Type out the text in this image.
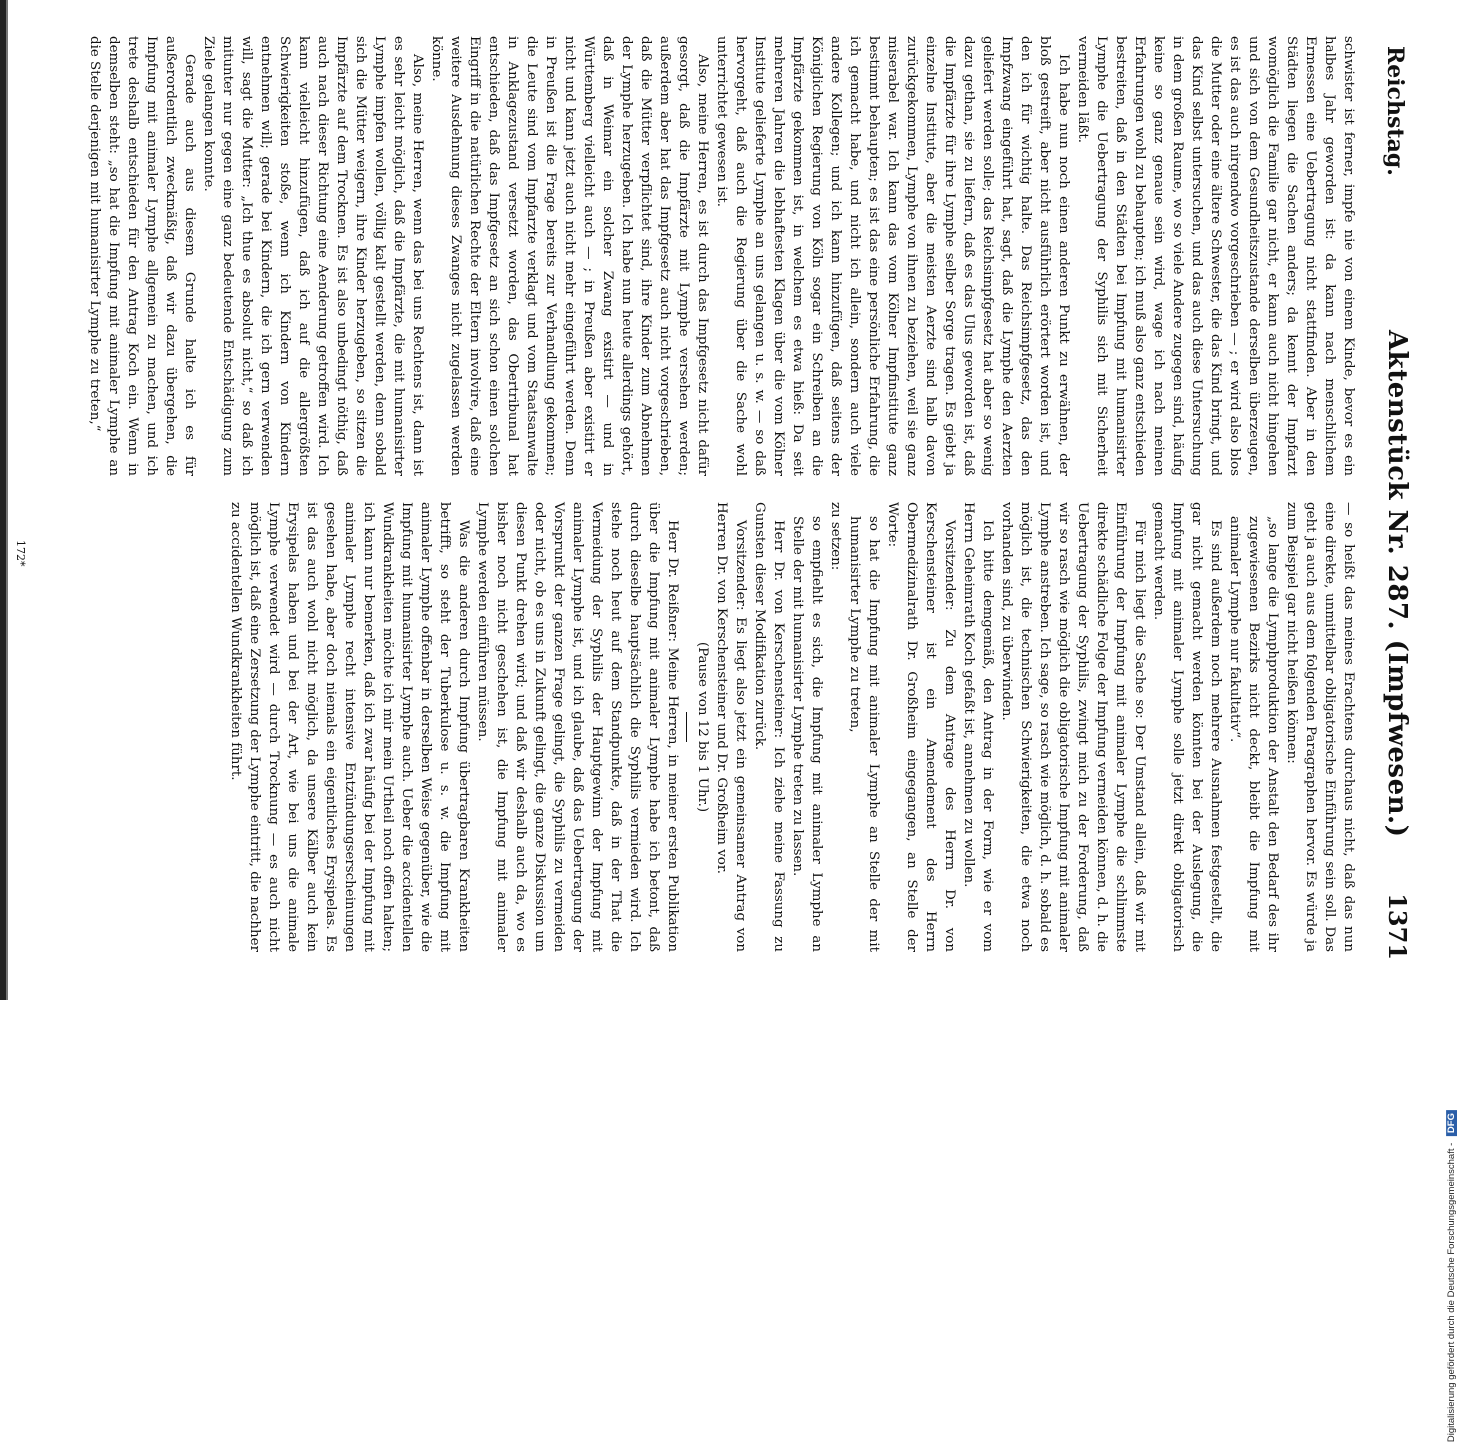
Reichstag.
Aktenstück Nr. 287. (Impfwesen.)
1371

schwister ist ferner, impfe nie von einem Kinde, bevor es ein halbes Jahr geworden ist: da kann nach menschlichem Ermessen eine Uebertragung nicht stattfinden. Aber in den Städten liegen die Sachen anders; da kennt der Impfarzt womöglich die Familie gar nicht, er kann auch nicht hingehen und sich von dem Gesundheitszustande derselben überzeugen, es ist das auch nirgendwo vorgeschrieben — ; er wird also blos die Mutter oder eine ältere Schwester, die das Kind bringt, und das Kind selbst untersuchen, und das auch diese Untersuchung in dem großen Raume, wo so viele Andere zugegen sind, häufig keine so ganz genaue sein wird, wage ich nach meinen Erfahrungen wohl zu behaupten; ich muß also ganz entschieden bestreiten, daß in den Städten bei Impfung mit humanisirter Lymphe die Uebertragung der Syphilis sich mit Sicherheit vermeiden läßt.

Ich habe nun noch einen anderen Punkt zu erwähnen, der bloß gestreift, aber nicht ausführlich erörtert worden ist, und den ich für wichtig halte. Das Reichsimpfgesetz, das den Impfzwang eingeführt hat, sagt, daß die Lymphe den Aerzten geliefert werden solle; das Reichsimpfgesetz hat aber so wenig dazu gethan, sie zu liefern, daß es das Ulus geworden ist, daß die Impfärzte für ihre Lymphe selber Sorge tragen. Es giebt ja einzelne Institute, aber die meisten Aerzte sind halb davon zurückgekommen, Lymphe von ihnen zu beziehen, weil sie ganz miserabel war. Ich kann das vom Kölner Impfinstitute ganz bestimmt behaupten; es ist das eine persönliche Erfahrung, die ich gemacht habe, und nicht ich allein, sondern auch viele andere Kollegen; und ich kann hinzufügen, daß seitens der Königlichen Regierung von Köln sogar ein Schreiben an die Impfärzte gekommen ist, in welchem es etwa hieß: Da seit mehreren Jahren die lebhaftesten Klagen über die vom Kölner Institute gelieferte Lymphe an uns gelangen u. s. w. — so daß hervorgeht, daß auch die Regierung über die Sache wohl unterrichtet gewesen ist.

Also, meine Herren, es ist durch das Impfgesetz nicht dafür gesorgt, daß die Impfärzte mit Lymphe versehen werden; außerdem aber hat das Impfgesetz auch nicht vorgeschrieben, daß die Mütter verpflichtet sind, ihre Kinder zum Abnehmen der Lymphe herzugeben. Ich habe nun heute allerdings gehört, daß in Weimar ein solcher Zwang existirt — und in Württemberg vielleicht auch — ; in Preußen aber existirt er nicht und kann jetzt auch nicht mehr eingeführt werden. Denn in Preußen ist die Frage bereits zur Verhandlung gekommen; die Leute sind vom Impfarzte verklagt und vom Staatsanwalte in Anklagezustand versetzt worden, das Obertribunal hat entschieden, daß das Impfgesetz an sich schon einen solchen Eingriff in die natürlichen Rechte der Eltern involvire, daß eine weitere Ausdehnung dieses Zwanges nicht zugelassen werden könne.

Also, meine Herren, wenn das bei uns Rechtens ist, dann ist es sehr leicht möglich, daß die Impfärzte, die mit humanisirter Lymphe impfen wollen, völlig kalt gestellt werden, denn sobald sich die Mütter weigern, ihre Kinder herzugeben, so sitzen die Impfärzte auf dem Trocknen. Es ist also unbedingt nöthig, daß auch nach dieser Richtung eine Aenderung getroffen wird. Ich kann vielleicht hinzufügen, daß ich auf die allergrößten Schwierigkeiten stoße, wenn ich Kindern von Kindern entnehmen will; gerade bei Kindern, die ich gern verwenden will, sagt die Mutter: „Ich thue es absolut nicht,“ so daß ich mitunter nur gegen eine ganz bedeutende Entschädigung zum Ziele gelangen konnte.

Gerade auch aus diesem Grunde halte ich es für außerordentlich zweckmäßig, daß wir dazu übergehen, die Impfung mit animaler Lymphe allgemein zu machen, und ich trete deshalb entschieden für den Antrag Koch ein. Wenn in demselben steht: „so hat die Impfung mit animaler Lymphe an die Stelle derjenigen mit humanisirter Lymphe zu treten,“

— so heißt das meines Erachtens durchaus nicht, daß das nun eine direkte, unmittelbar obligatorische Einführung sein soll. Das geht ja auch aus dem folgenden Paragraphen hervor. Es würde ja zum Beispiel gar nicht heißen können:

„so lange die Lymphproduktion der Anstalt den Bedarf des ihr zugewiesenen Bezirks nicht deckt, bleibt die Impfung mit animaler Lymphe nur fakultativ“.

Es sind außerdem noch mehrere Ausnahmen festgestellt, die gar nicht gemacht werden könnten bei der Auslegung, die Impfung mit animaler Lymphe solle jetzt direkt obligatorisch gemacht werden.

Für mich liegt die Sache so: Der Umstand allein, daß wir mit Einführung der Impfung mit animaler Lymphe die schlimmste direkte schädliche Folge der Impfung vermeiden können, d. h. die Uebertragung der Syphilis, zwingt mich zu der Forderung, daß wir so rasch wie möglich die obligatorische Impfung mit animaler Lymphe anstreben. Ich sage, so rasch wie möglich, d. h. sobald es möglich ist, die technischen Schwierigkeiten, die etwa noch vorhanden sind, zu überwinden.

Ich bitte demgemäß, den Antrag in der Form, wie er vom Herrn Geheimrath Koch gefaßt ist, annehmen zu wollen.

Vorsitzender: Zu dem Antrage des Herrn Dr. von Kerschensteiner ist ein Amendement des Herrn Obermedizinalrath Dr. Großheim eingegangen, an Stelle der Worte:

so hat die Impfung mit animaler Lymphe an Stelle der mit humanisirter Lymphe zu treten,

zu setzen:

so empfiehlt es sich, die Impfung mit animaler Lymphe an Stelle der mit humanisirter Lymphe treten zu lassen.

Herr Dr. von Kerschensteiner: Ich ziehe meine Fassung zu Gunsten dieser Modifikation zurück.

Vorsitzender: Es liegt also jetzt ein gemeinsamer Antrag von Herren Dr. von Kerschensteiner und Dr. Großheim vor.

(Pause von 12 bis 1 Uhr.)

Herr Dr. Reißner: Meine Herren, in meiner ersten Publikation über die Impfung mit animaler Lymphe habe ich betont, daß durch dieselbe hauptsächlich die Syphilis vermieden wird. Ich stehe noch heut auf dem Standpunkte, daß in der That die Vermeidung der Syphilis der Hauptgewinn der Impfung mit animaler Lymphe ist, und ich glaube, daß das Uebertragung der Vorsprunkt der ganzen Frage gelingt, die Syphilis zu vermeiden oder nicht, ob es uns in Zukunft gelingt, die ganze Diskussion um diesen Punkt drehen wird; und daß wir deshalb auch da, wo es bisher noch nicht geschehen ist, die Impfung mit animaler Lymphe werden einführen müssen.

Was die anderen durch Impfung übertragbaren Krankheiten betrifft, so steht der Tuberkulose u. s. w. die Impfung mit animaler Lymphe offenbar in derselben Weise gegenüber, wie die Impfung mit humanisirter Lymphe auch. Ueber die accidentellen Wundkrankheiten möchte ich mir mein Urtheil noch offen halten; ich kann nur bemerken, daß ich zwar häufig bei der Impfung mit animaler Lymphe recht intensive Entzündungserscheinungen gesehen habe, aber doch niemals ein eigentliches Erysipelas. Es ist das auch wohl nicht möglich, da unsere Kälber auch kein Erysipelas haben und bei der Art, wie bei uns die animale Lymphe verwendet wird — durch Trocknung — es auch nicht möglich ist, daß eine Zersetzung der Lymphe eintritt, die nachher zu accidentellen Wundkrankheiten führt.

172*
Digitalisierung gefördert durch die Deutsche Forschungsgemeinschaft - DFG
